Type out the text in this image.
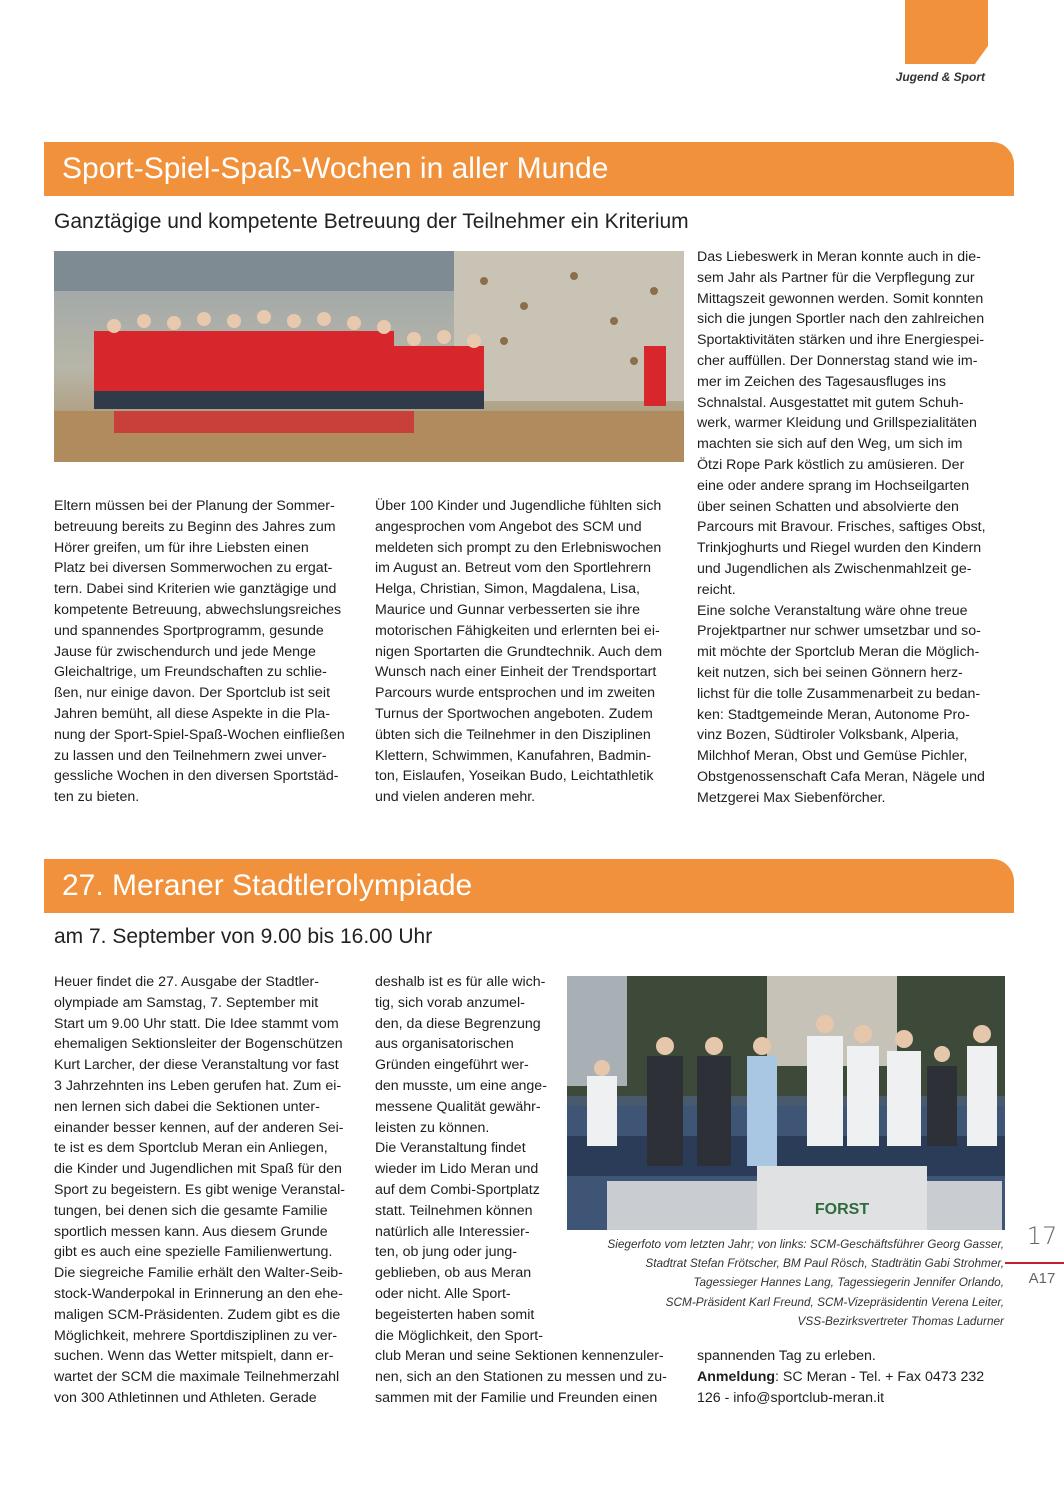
Jugend & Sport
Sport-Spiel-Spaß-Wochen in aller Munde
Ganztägige und kompetente Betreuung der Teilnehmer ein Kriterium
Eltern müssen bei der Planung der Sommer-
betreuung bereits zu Beginn des Jahres zum
Hörer greifen, um für ihre Liebsten einen
Platz bei diversen Sommerwochen zu ergat-
tern. Dabei sind Kriterien wie ganztägige und
kompetente Betreuung, abwechslungsreiches
und spannendes Sportprogramm, gesunde
Jause für zwischendurch und jede Menge
Gleichaltrige, um Freundschaften zu schlie-
ßen, nur einige davon. Der Sportclub ist seit
Jahren bemüht, all diese Aspekte in die Pla-
nung der Sport-Spiel-Spaß-Wochen einfließen
zu lassen und den Teilnehmern zwei unver-
gessliche Wochen in den diversen Sportstäd-
ten zu bieten.
Über 100 Kinder und Jugendliche fühlten sich
angesprochen vom Angebot des SCM und
meldeten sich prompt zu den Erlebniswochen
im August an. Betreut vom den Sportlehrern
Helga, Christian, Simon, Magdalena, Lisa,
Maurice und Gunnar verbesserten sie ihre
motorischen Fähigkeiten und erlernten bei ei-
nigen Sportarten die Grundtechnik. Auch dem
Wunsch nach einer Einheit der Trendsportart
Parcours wurde entsprochen und im zweiten
Turnus der Sportwochen angeboten. Zudem
übten sich die Teilnehmer in den Disziplinen
Klettern, Schwimmen, Kanufahren, Badmin-
ton, Eislaufen, Yoseikan Budo, Leichtathletik
und vielen anderen mehr.
Das Liebeswerk in Meran konnte auch in die-
sem Jahr als Partner für die Verpflegung zur
Mittagszeit gewonnen werden. Somit konnten
sich die jungen Sportler nach den zahlreichen
Sportaktivitäten stärken und ihre Energiespei-
cher auffüllen. Der Donnerstag stand wie im-
mer im Zeichen des Tagesausfluges ins
Schnalstal. Ausgestattet mit gutem Schuh-
werk, warmer Kleidung und Grillspezialitäten
machten sie sich auf den Weg, um sich im
Ötzi Rope Park köstlich zu amüsieren. Der
eine oder andere sprang im Hochseilgarten
über seinen Schatten und absolvierte den
Parcours mit Bravour. Frisches, saftiges Obst,
Trinkjoghurts und Riegel wurden den Kindern
und Jugendlichen als Zwischenmahlzeit ge-
reicht.
Eine solche Veranstaltung wäre ohne treue
Projektpartner nur schwer umsetzbar und so-
mit möchte der Sportclub Meran die Möglich-
keit nutzen, sich bei seinen Gönnern herz-
lichst für die tolle Zusammenarbeit zu bedan-
ken: Stadtgemeinde Meran, Autonome Pro-
vinz Bozen, Südtiroler Volksbank, Alperia,
Milchhof Meran, Obst und Gemüse Pichler,
Obstgenossenschaft Cafa Meran, Nägele und
Metzgerei Max Siebenförcher.
27. Meraner Stadtlerolympiade
am 7. September von 9.00 bis 16.00 Uhr
Heuer findet die 27. Ausgabe der Stadtler-
olympiade am Samstag, 7. September mit
Start um 9.00 Uhr statt. Die Idee stammt vom
ehemaligen Sektionsleiter der Bogenschützen
Kurt Larcher, der diese Veranstaltung vor fast
3 Jahrzehnten ins Leben gerufen hat. Zum ei-
nen lernen sich dabei die Sektionen unter-
einander besser kennen, auf der anderen Sei-
te ist es dem Sportclub Meran ein Anliegen,
die Kinder und Jugendlichen mit Spaß für den
Sport zu begeistern. Es gibt wenige Veranstal-
tungen, bei denen sich die gesamte Familie
sportlich messen kann. Aus diesem Grunde
gibt es auch eine spezielle Familienwertung.
Die siegreiche Familie erhält den Walter-Seib-
stock-Wanderpokal in Erinnerung an den ehe-
maligen SCM-Präsidenten. Zudem gibt es die
Möglichkeit, mehrere Sportdisziplinen zu ver-
suchen. Wenn das Wetter mitspielt, dann er-
wartet der SCM die maximale Teilnehmerzahl
von 300 Athletinnen und Athleten. Gerade
deshalb ist es für alle wich-
tig, sich vorab anzumel-
den, da diese Begrenzung
aus organisatorischen
Gründen eingeführt wer-
den musste, um eine ange-
messene Qualität gewähr-
leisten zu können.
Die Veranstaltung findet
wieder im Lido Meran und
auf dem Combi-Sportplatz
statt. Teilnehmen können
natürlich alle Interessier-
ten, ob jung oder jung-
geblieben, ob aus Meran
oder nicht. Alle Sport-
begeisterten haben somit
die Möglichkeit, den Sport-
club Meran und seine Sektionen kennenzuler-
nen, sich an den Stationen zu messen und zu-
sammen mit der Familie und Freunden einen
spannenden Tag zu erleben.
Anmeldung: SC Meran - Tel. + Fax 0473 232
126 - info@sportclub-meran.it
FORST
Siegerfoto vom letzten Jahr; von links: SCM-Geschäftsführer Georg Gasser,
Stadtrat Stefan Frötscher, BM Paul Rösch, Stadträtin Gabi Strohmer,
Tagessieger Hannes Lang, Tagessiegerin Jennifer Orlando,
SCM-Präsident Karl Freund, SCM-Vizepräsidentin Verena Leiter,
VSS-Bezirksvertreter Thomas Ladurner
17
A17
